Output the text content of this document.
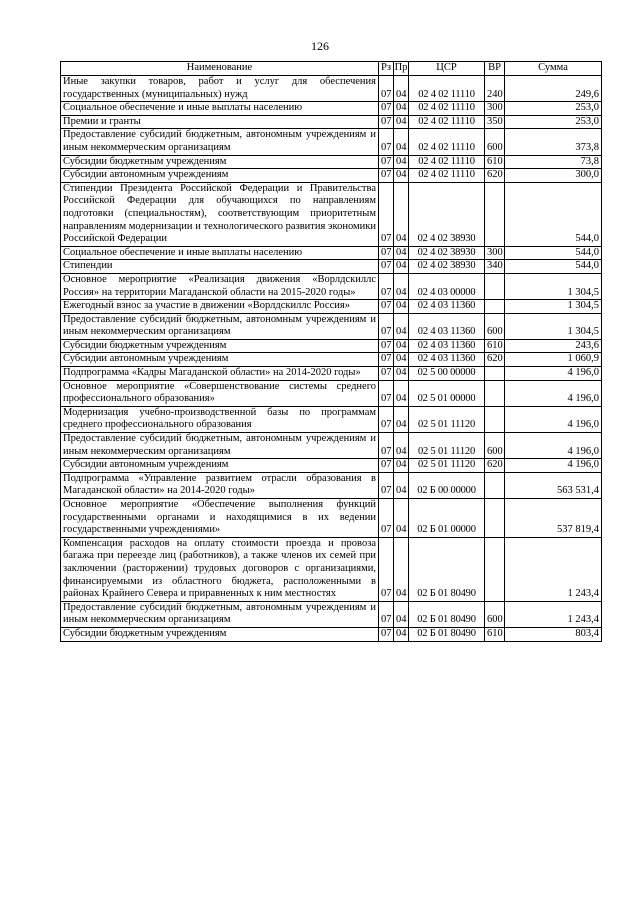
126
Наименование	Рз	Пр	ЦСР	ВР	Сумма
Иные закупки товаров, работ и услуг для обеспечения государственных (муниципальных) нужд	07	04	02 4 02 11110	240	249,6
Социальное обеспечение и иные выплаты населению	07	04	02 4 02 11110	300	253,0
Премии и гранты	07	04	02 4 02 11110	350	253,0
Предоставление субсидий бюджетным, автономным учреждениям и иным некоммерческим организациям	07	04	02 4 02 11110	600	373,8
Субсидии бюджетным учреждениям	07	04	02 4 02 11110	610	73,8
Субсидии автономным учреждениям	07	04	02 4 02 11110	620	300,0
Стипендии Президента Российской Федерации и Правительства Российской Федерации для обучающихся по направлениям подготовки (специальностям), соответствующим приоритетным направлениям модернизации и технологического развития экономики Российской Федерации	07	04	02 4 02 38930		544,0
Социальное обеспечение и иные выплаты населению	07	04	02 4 02 38930	300	544,0
Стипендии	07	04	02 4 02 38930	340	544,0
Основное мероприятие «Реализация движения «Ворлдскиллс Россия» на территории Магаданской области на 2015-2020 годы»	07	04	02 4 03 00000		1 304,5
Ежегодный взнос за участие в движении «Ворлдскиллс Россия»	07	04	02 4 03 11360		1 304,5
Предоставление субсидий бюджетным, автономным учреждениям и иным некоммерческим организациям	07	04	02 4 03 11360	600	1 304,5
Субсидии бюджетным учреждениям	07	04	02 4 03 11360	610	243,6
Субсидии автономным учреждениям	07	04	02 4 03 11360	620	1 060,9
Подпрограмма «Кадры Магаданской области» на 2014-2020 годы»	07	04	02 5 00 00000		4 196,0
Основное мероприятие «Совершенствование системы среднего профессионального образования»	07	04	02 5 01 00000		4 196,0
Модернизация учебно-производственной базы по программам среднего профессионального образования	07	04	02 5 01 11120		4 196,0
Предоставление субсидий бюджетным, автономным учреждениям и иным некоммерческим организациям	07	04	02 5 01 11120	600	4 196,0
Субсидии автономным учреждениям	07	04	02 5 01 11120	620	4 196,0
Подпрограмма «Управление развитием отрасли образования в Магаданской области» на 2014-2020 годы»	07	04	02 Б 00 00000		563 531,4
Основное мероприятие «Обеспечение выполнения функций государственными органами и находящимися в их ведении государственными учреждениями»	07	04	02 Б 01 00000		537 819,4
Компенсация расходов на оплату стоимости проезда и провоза багажа при переезде лиц (работников), а также членов их семей при заключении (расторжении) трудовых договоров с организациями, финансируемыми из областного бюджета, расположенными в районах Крайнего Севера и приравненных к ним местностях	07	04	02 Б 01 80490		1 243,4
Предоставление субсидий бюджетным, автономным учреждениям и иным некоммерческим организациям	07	04	02 Б 01 80490	600	1 243,4
Субсидии бюджетным учреждениям	07	04	02 Б 01 80490	610	803,4
